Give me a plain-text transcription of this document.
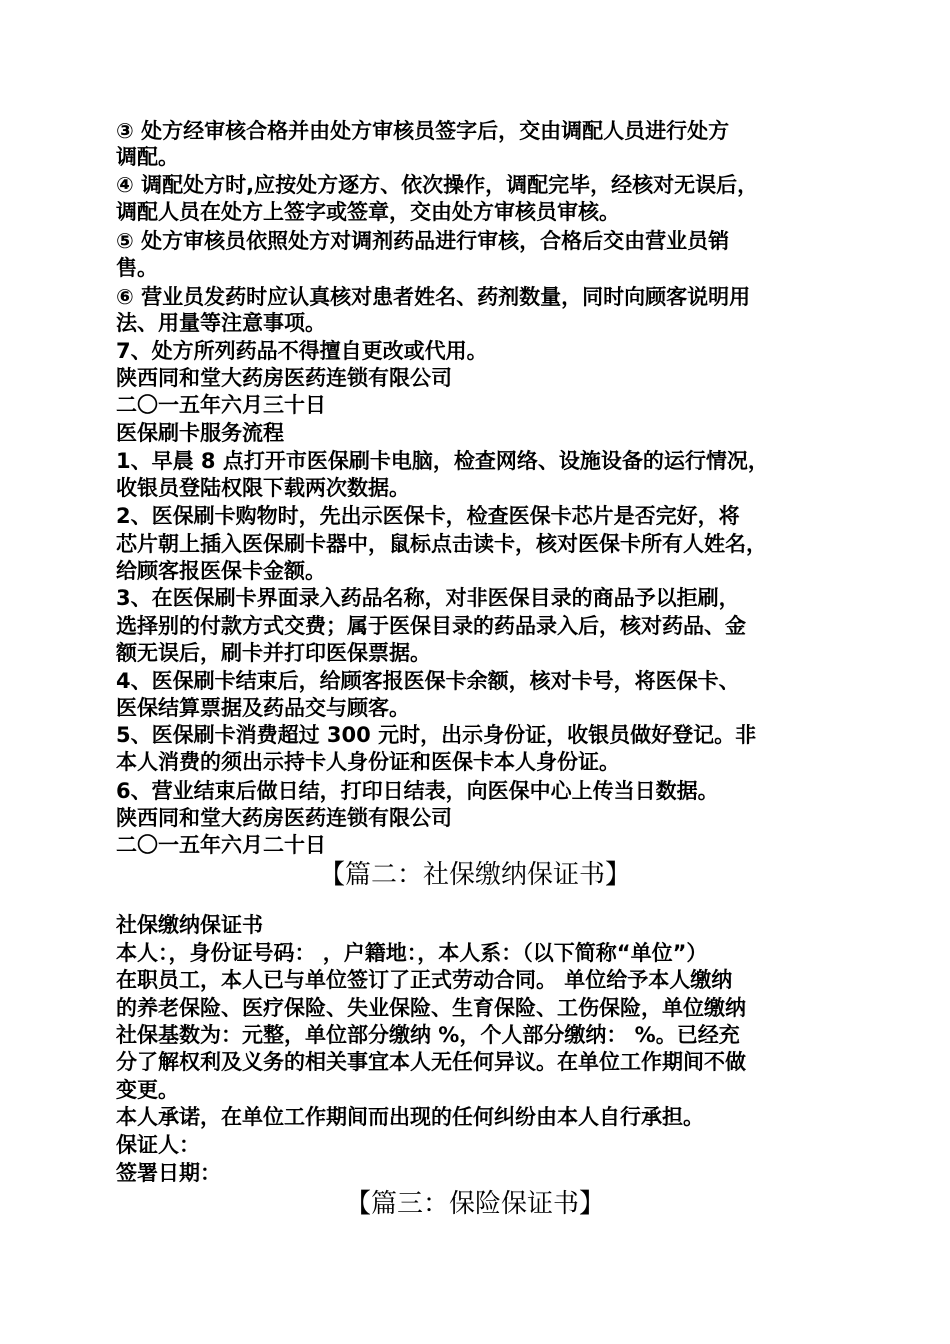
③ 处方经审核合格并由处方审核员签字后，交由调配人员进行处方
调配。
④ 调配处方时,应按处方逐方、依次操作，调配完毕，经核对无误后，
调配人员在处方上签字或签章，交由处方审核员审核。
⑤ 处方审核员依照处方对调剂药品进行审核，合格后交由营业员销
售。
⑥ 营业员发药时应认真核对患者姓名、药剂数量，同时向顾客说明用
法、用量等注意事项。
7、处方所列药品不得擅自更改或代用。
陕西同和堂大药房医药连锁有限公司
二〇一五年六月三十日
医保刷卡服务流程
1、早晨 8 点打开市医保刷卡电脑，检查网络、设施设备的运行情况，
收银员登陆权限下载两次数据。
2、医保刷卡购物时，先出示医保卡，检查医保卡芯片是否完好，将
芯片朝上插入医保刷卡器中，鼠标点击读卡，核对医保卡所有人姓名，
给顾客报医保卡金额。
3、在医保刷卡界面录入药品名称，对非医保目录的商品予以拒刷，
选择别的付款方式交费；属于医保目录的药品录入后，核对药品、金
额无误后，刷卡并打印医保票据。
4、医保刷卡结束后，给顾客报医保卡余额，核对卡号，将医保卡、
医保结算票据及药品交与顾客。
5、医保刷卡消费超过 300 元时，出示身份证，收银员做好登记。非
本人消费的须出示持卡人身份证和医保卡本人身份证。
6、营业结束后做日结，打印日结表，向医保中心上传当日数据。
陕西同和堂大药房医药连锁有限公司
二〇一五年六月二十日
【篇二：社保缴纳保证书】
社保缴纳保证书
本人：，身份证号码： ，户籍地：，本人系：（以下简称“单位”）
在职员工，本人已与单位签订了正式劳动合同。 单位给予本人缴纳
的养老保险、医疗保险、失业保险、生育保险、工伤保险，单位缴纳
社保基数为：元整，单位部分缴纳 %，个人部分缴纳： %。已经充
分了解权利及义务的相关事宜本人无任何异议。在单位工作期间不做
变更。
本人承诺，在单位工作期间而出现的任何纠纷由本人自行承担。
保证人：
签署日期：
【篇三：保险保证书】
